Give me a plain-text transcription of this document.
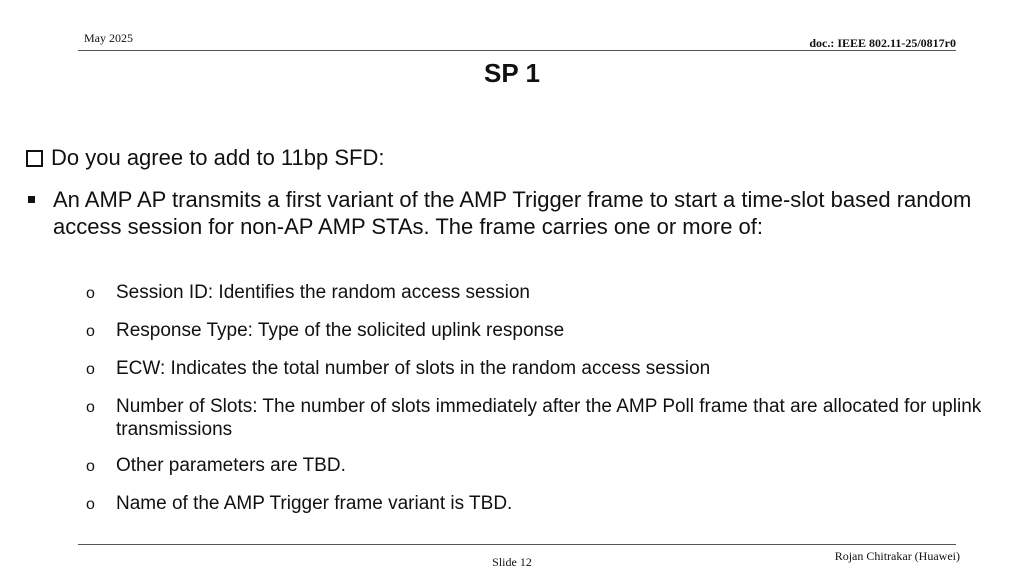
May 2025	doc.: IEEE 802.11-25/0817r0
SP 1
Do you agree to add to 11bp SFD:
An AMP AP transmits a first variant of the AMP Trigger frame to start a time-slot based random access session for non-AP AMP STAs. The frame carries one or more of:
o	Session ID: Identifies the random access session
o	Response Type: Type of the solicited uplink response
o	ECW: Indicates the total number of slots in the random access session
o	Number of Slots: The number of slots immediately after the AMP Poll frame that are allocated for uplink transmissions
o	Other parameters are TBD.
o	Name of the AMP Trigger frame variant is TBD.
Slide 12	Rojan Chitrakar (Huawei)
